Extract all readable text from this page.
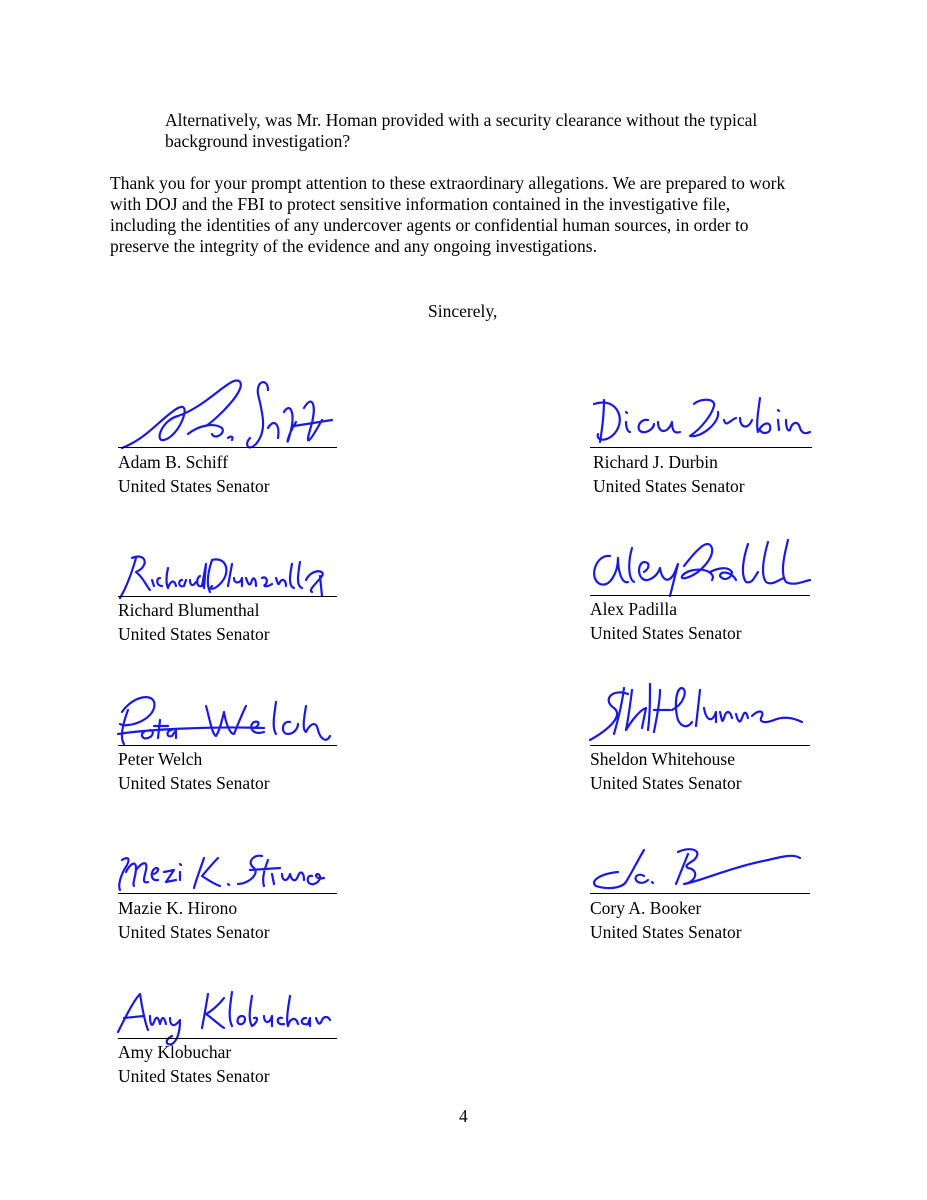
Alternatively, was Mr. Homan provided with a security clearance without the typical

background investigation?

Thank you for your prompt attention to these extraordinary allegations. We are prepared to work

with DOJ and the FBI to protect sensitive information contained in the investigative file,

including the identities of any undercover agents or confidential human sources, in order to

preserve the integrity of the evidence and any ongoing investigations.

Sincerely,

Adam B. Schiff

United States Senator

Richard J. Durbin

United States Senator

Richard Blumenthal

United States Senator

Alex Padilla

United States Senator

Peter Welch

United States Senator

Sheldon Whitehouse

United States Senator

Mazie K. Hirono

United States Senator

Cory A. Booker

United States Senator

Amy Klobuchar

United States Senator

4
